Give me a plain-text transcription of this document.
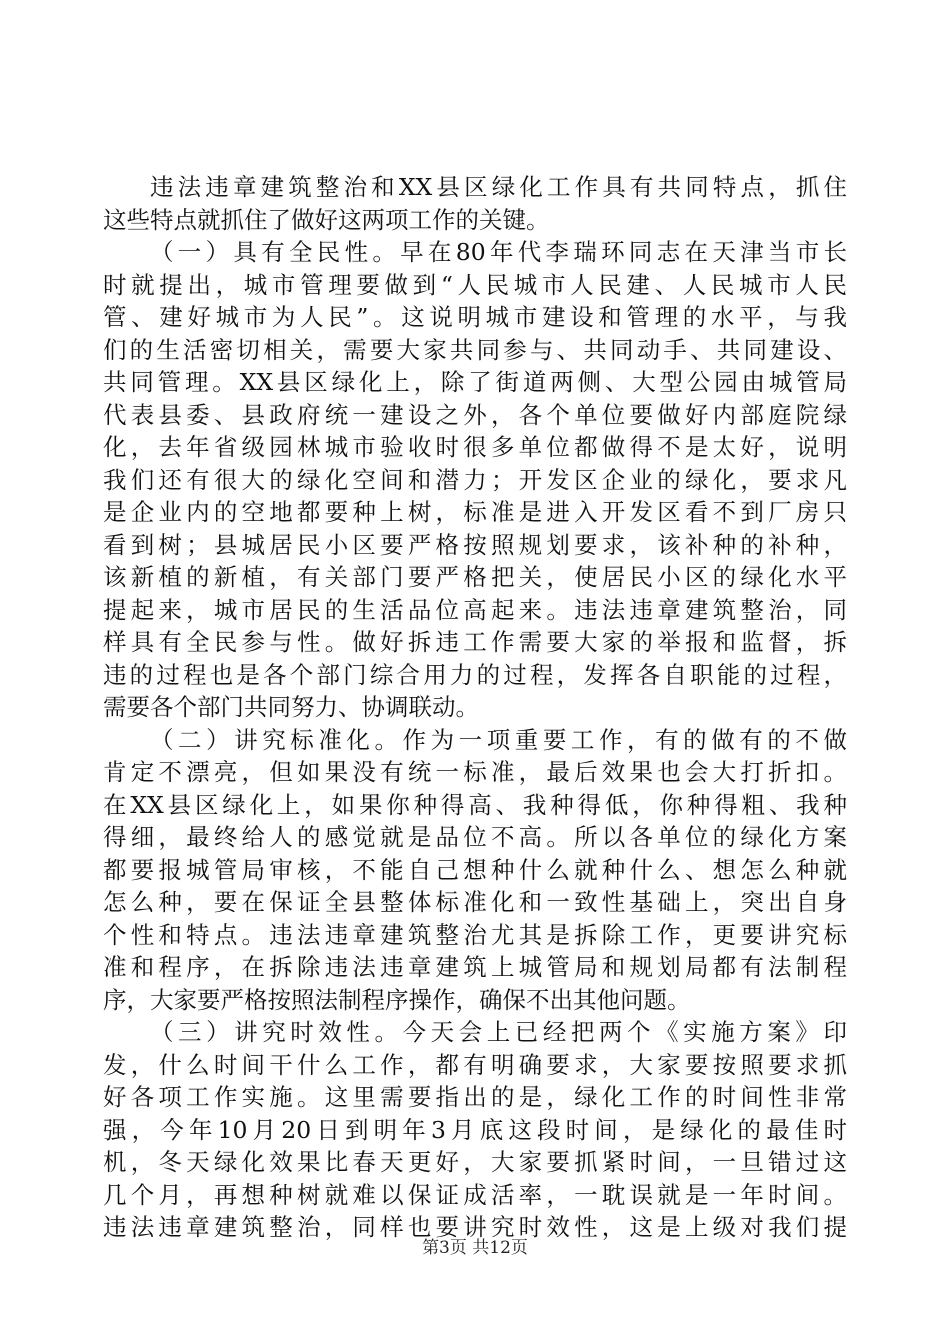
违法违章建筑整治和XX县区绿化工作具有共同特点，抓住
这些特点就抓住了做好这两项工作的关键。
（一）具有全民性。早在80年代李瑞环同志在天津当市长
时就提出，城市管理要做到“人民城市人民建、人民城市人民
管、建好城市为人民”。这说明城市建设和管理的水平，与我
们的生活密切相关，需要大家共同参与、共同动手、共同建设、
共同管理。XX县区绿化上，除了街道两侧、大型公园由城管局
代表县委、县政府统一建设之外，各个单位要做好内部庭院绿
化，去年省级园林城市验收时很多单位都做得不是太好，说明
我们还有很大的绿化空间和潜力；开发区企业的绿化，要求凡
是企业内的空地都要种上树，标准是进入开发区看不到厂房只
看到树；县城居民小区要严格按照规划要求，该补种的补种，
该新植的新植，有关部门要严格把关，使居民小区的绿化水平
提起来，城市居民的生活品位高起来。违法违章建筑整治，同
样具有全民参与性。做好拆违工作需要大家的举报和监督，拆
违的过程也是各个部门综合用力的过程，发挥各自职能的过程，
需要各个部门共同努力、协调联动。
（二）讲究标准化。作为一项重要工作，有的做有的不做
肯定不漂亮，但如果没有统一标准，最后效果也会大打折扣。
在XX县区绿化上，如果你种得高、我种得低，你种得粗、我种
得细，最终给人的感觉就是品位不高。所以各单位的绿化方案
都要报城管局审核，不能自己想种什么就种什么、想怎么种就
怎么种，要在保证全县整体标准化和一致性基础上，突出自身
个性和特点。违法违章建筑整治尤其是拆除工作，更要讲究标
准和程序，在拆除违法违章建筑上城管局和规划局都有法制程
序，大家要严格按照法制程序操作，确保不出其他问题。
（三）讲究时效性。今天会上已经把两个《实施方案》印
发，什么时间干什么工作，都有明确要求，大家要按照要求抓
好各项工作实施。这里需要指出的是，绿化工作的时间性非常
强，今年10月20日到明年3月底这段时间，是绿化的最佳时
机，冬天绿化效果比春天更好，大家要抓紧时间，一旦错过这
几个月，再想种树就难以保证成活率，一耽误就是一年时间。
违法违章建筑整治，同样也要讲究时效性，这是上级对我们提
第3页 共12页
